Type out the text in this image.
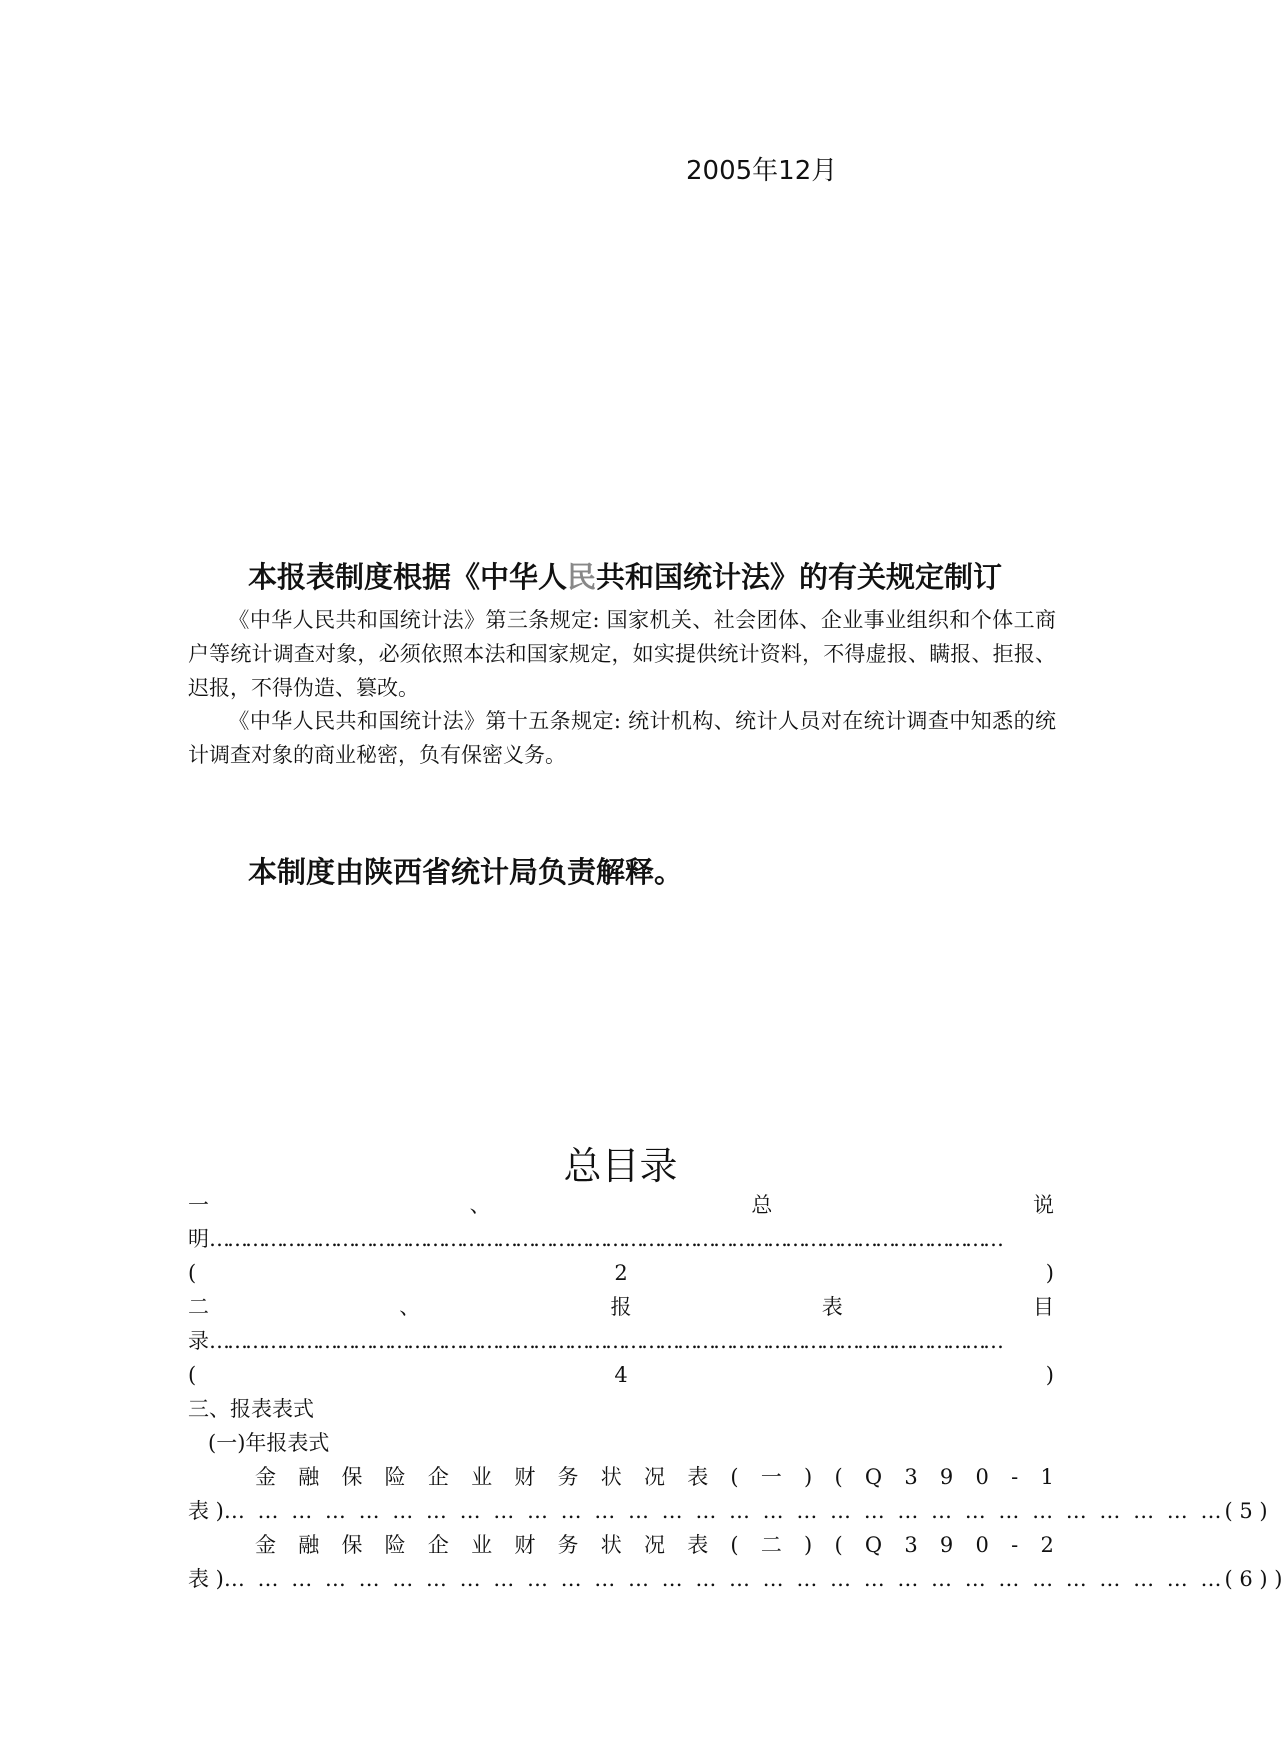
2005年12月
本报表制度根据《中华人民共和国统计法》的有关规定制订
《中华人民共和国统计法》第三条规定: 国家机关、社会团体、企业事业组织和个体工商户等统计调查对象，必须依照本法和国家规定，如实提供统计资料，不得虚报、瞒报、拒报、迟报，不得伪造、篡改。
《中华人民共和国统计法》第十五条规定: 统计机构、统计人员对在统计调查中知悉的统计调查对象的商业秘密，负有保密义务。
本制度由陕西省统计局负责解释。
总目录
一	、	总	说
明 ……………………………………………………………………………………………………………………
(	2	)
二	、	报	表	目
录 ……………………………………………………………………………………………………………………
(	4	)
三、报表表式
(一)年报表式
金 融 保 险 企 业 财 务 状 况 表 ( 一 ) ( Q 3 9 0 - 1
表 ) … … … … … … … … … … … … … … … … … … … … … … … … … … … … … … ( 5 )
金 融 保 险 企 业 财 务 状 况 表 ( 二 ) ( Q 3 9 0 - 2
表 ) … … … … … … … … … … … … … … … … … … … … … … … … … … … … … … ( 6 ) )
